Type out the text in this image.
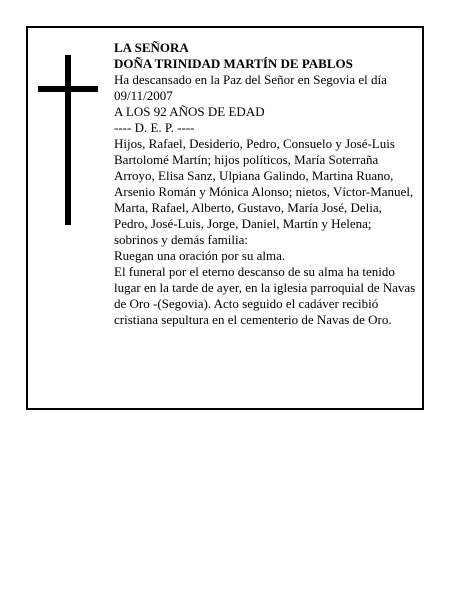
LA SEÑORA

DOÑA TRINIDAD MARTÍN DE PABLOS

Ha descansado en la Paz del Señor en Segovia el día 09/11/2007

A LOS 92 AÑOS DE EDAD

---- D. E. P. ----

Hijos, Rafael, Desiderio, Pedro, Consuelo y José-Luis Bartolomé Martín; hijos políticos, María Soterraña Arroyo, Elisa Sanz, Ulpiana Galindo, Martina Ruano, Arsenio Román y Mónica Alonso; nietos, Víctor-Manuel, Marta, Rafael, Alberto, Gustavo, María José, Delia, Pedro, José-Luis, Jorge, Daniel, Martín y Helena; sobrinos y demás familia:

Ruegan una oración por su alma.

El funeral por el eterno descanso de su alma ha tenido lugar en la tarde de ayer, en la iglesia parroquial de Navas de Oro -(Segovia). Acto seguido el cadáver recibió cristiana sepultura en el cementerio de Navas de Oro.
